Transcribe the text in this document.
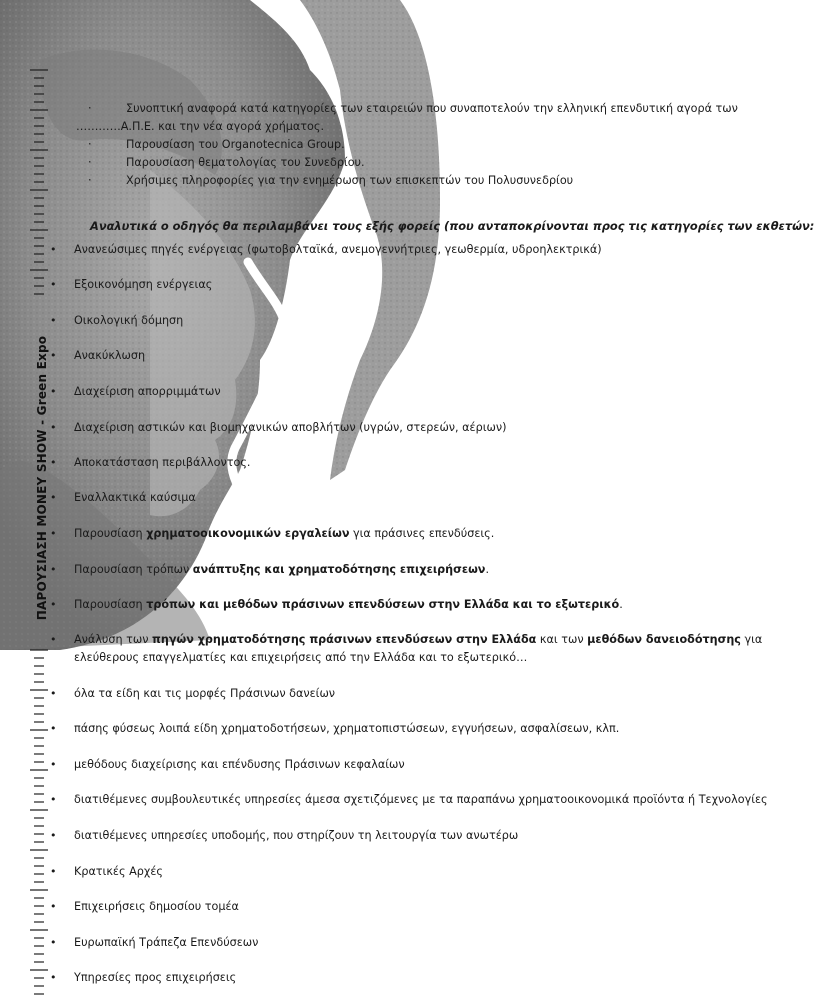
ΠΑΡΟΥΣΙΑΣΗ MONEY SHOW - Green Expo
·	Συνοπτική αναφορά κατά κατηγορίες των εταιρειών που συναποτελούν την ελληνική επενδυτική αγορά των
…………Α.Π.Ε. και την νέα αγορά χρήματος.
·	Παρουσίαση του Organotecnica Group.
·	Παρουσίαση θεματολογίας του Συνεδρίου.
·	Χρήσιμες πληροφορίες για την ενημέρωση των επισκεπτών του Πολυσυνεδρίου
Αναλυτικά ο οδηγός θα περιλαμβάνει τους εξής φορείς (που ανταποκρίνονται προς τις κατηγορίες των εκθετών:
• Ανανεώσιμες πηγές ενέργειας (φωτοβολταϊκά, ανεμογεννήτριες, γεωθερμία, υδροηλεκτρικά)
• Εξοικονόμηση ενέργειας
• Οικολογική δόμηση
• Ανακύκλωση
• Διαχείριση απορριμμάτων
• Διαχείριση αστικών και βιομηχανικών αποβλήτων (υγρών, στερεών, αέριων)
• Αποκατάσταση περιβάλλοντος.
• Εναλλακτικά καύσιμα
• Παρουσίαση χρηματοοικονομικών εργαλείων για πράσινες επενδύσεις.
• Παρουσίαση τρόπων ανάπτυξης και χρηματοδότησης επιχειρήσεων.
• Παρουσίαση τρόπων και μεθόδων πράσινων επενδύσεων στην Ελλάδα και το εξωτερικό.
• Ανάλυση των πηγών χρηματοδότησης πράσινων επενδύσεων στην Ελλάδα και των μεθόδων δανειοδότησης για
ελεύθερους επαγγελματίες και επιχειρήσεις από την Ελλάδα και το εξωτερικό…
• όλα τα είδη και τις μορφές Πράσινων δανείων
• πάσης φύσεως λοιπά είδη χρηματοδοτήσεων, χρηματοπιστώσεων, εγγυήσεων, ασφαλίσεων, κλπ.
• μεθόδους διαχείρισης και επένδυσης Πράσινων κεφαλαίων
• διατιθέμενες συμβουλευτικές υπηρεσίες άμεσα σχετιζόμενες με τα παραπάνω χρηματοοικονομικά προϊόντα ή Τεχνολογίες
• διατιθέμενες υπηρεσίες υποδομής, που στηρίζουν τη λειτουργία των ανωτέρω
• Κρατικές Αρχές
• Επιχειρήσεις δημοσίου τομέα
• Ευρωπαϊκή Τράπεζα Επενδύσεων
• Υπηρεσίες προς επιχειρήσεις
